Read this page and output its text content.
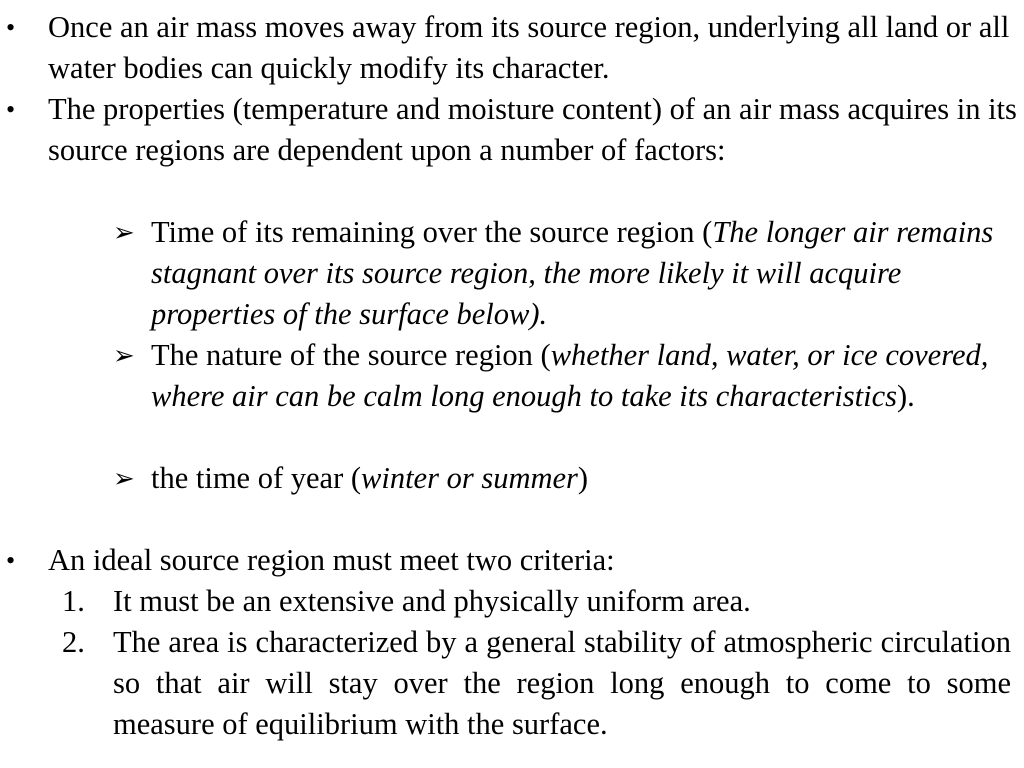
• Once an air mass moves away from its source region, underlying all land or all water bodies can quickly modify its character.
• The properties (temperature and moisture content) of an air mass acquires in its source regions are dependent upon a number of factors:
➢ Time of its remaining over the source region (The longer air remains stagnant over its source region, the more likely it will acquire properties of the surface below).
➢ The nature of the source region (whether land, water, or ice covered, where air can be calm long enough to take its characteristics).
➢ the time of year (winter or summer)
• An ideal source region must meet two criteria:
1. It must be an extensive and physically uniform area.
2. The area is characterized by a general stability of atmospheric circulation so that air will stay over the region long enough to come to some measure of equilibrium with the surface.
